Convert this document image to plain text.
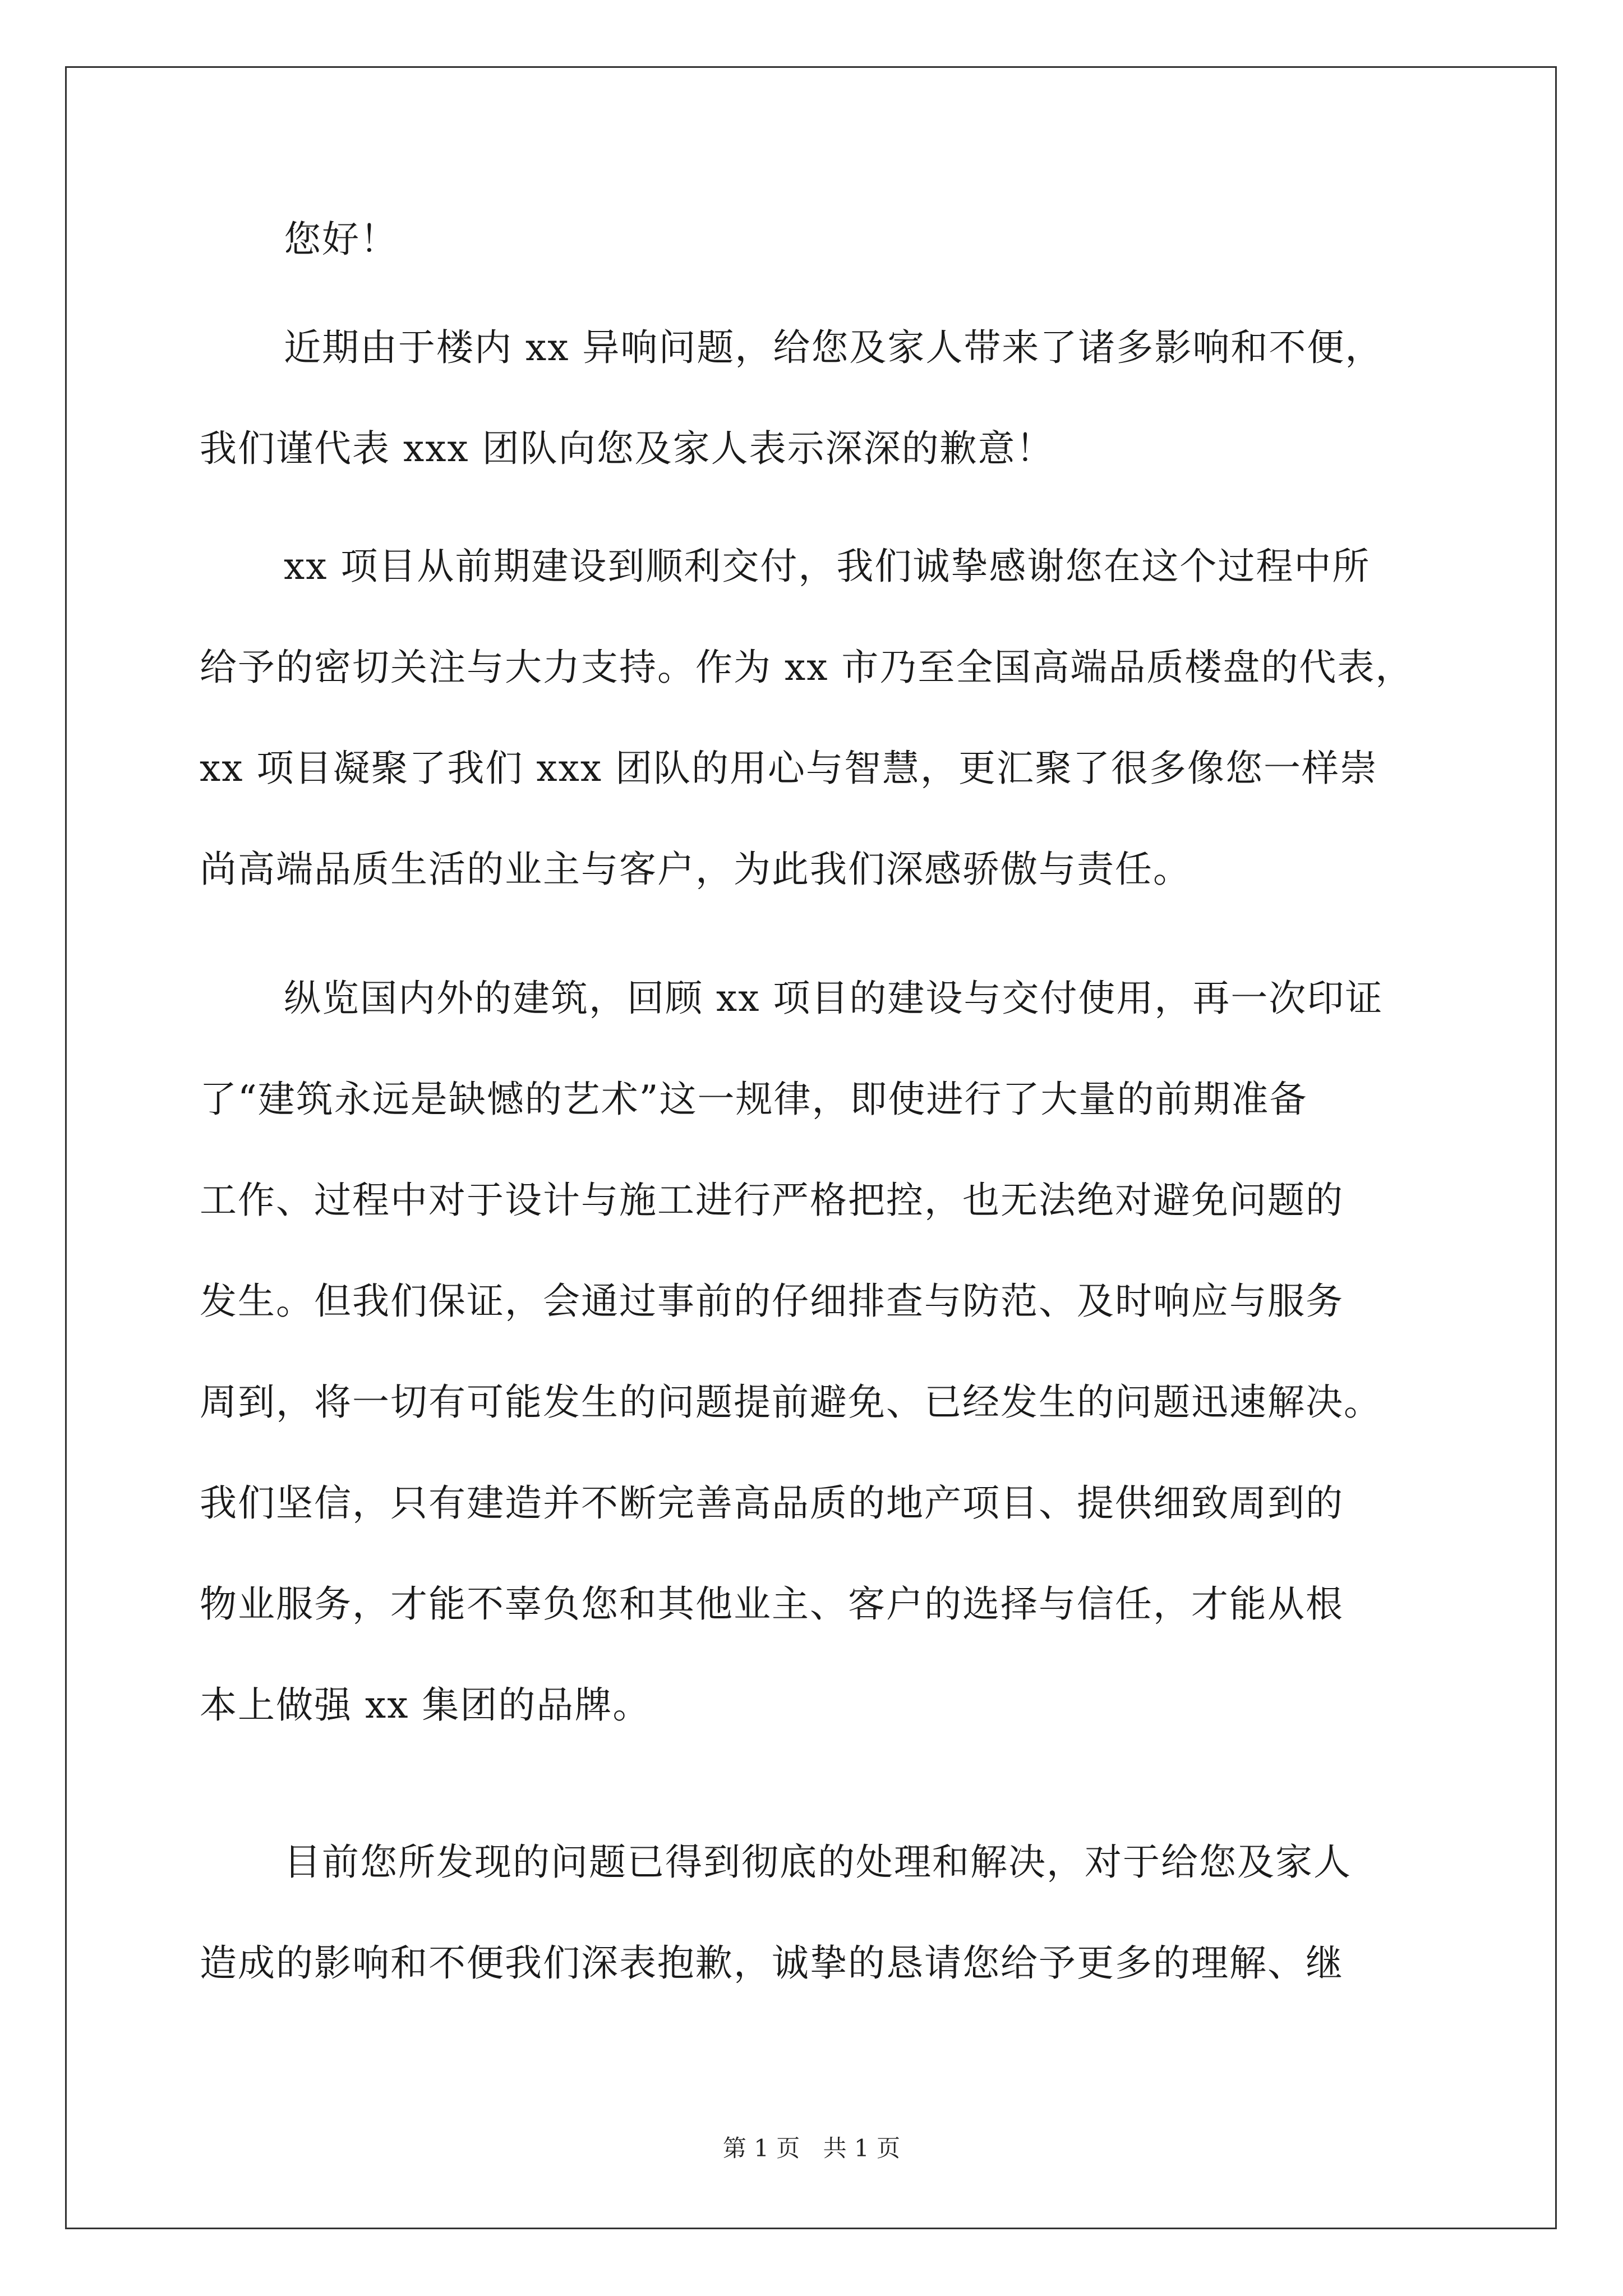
您好！
近期由于楼内 xx 异响问题，给您及家人带来了诸多影响和不便，
我们谨代表 xxx 团队向您及家人表示深深的歉意！
xx 项目从前期建设到顺利交付，我们诚挚感谢您在这个过程中所
给予的密切关注与大力支持。作为 xx 市乃至全国高端品质楼盘的代表，
xx 项目凝聚了我们 xxx 团队的用心与智慧，更汇聚了很多像您一样崇
尚高端品质生活的业主与客户，为此我们深感骄傲与责任。
纵览国内外的建筑，回顾 xx 项目的建设与交付使用，再一次印证
了“建筑永远是缺憾的艺术”这一规律，即使进行了大量的前期准备
工作、过程中对于设计与施工进行严格把控，也无法绝对避免问题的
发生。但我们保证，会通过事前的仔细排查与防范、及时响应与服务
周到，将一切有可能发生的问题提前避免、已经发生的问题迅速解决。
我们坚信，只有建造并不断完善高品质的地产项目、提供细致周到的
物业服务，才能不辜负您和其他业主、客户的选择与信任，才能从根
本上做强 xx 集团的品牌。
目前您所发现的问题已得到彻底的处理和解决，对于给您及家人
造成的影响和不便我们深表抱歉，诚挚的恳请您给予更多的理解、继
第 1 页 共 1 页
